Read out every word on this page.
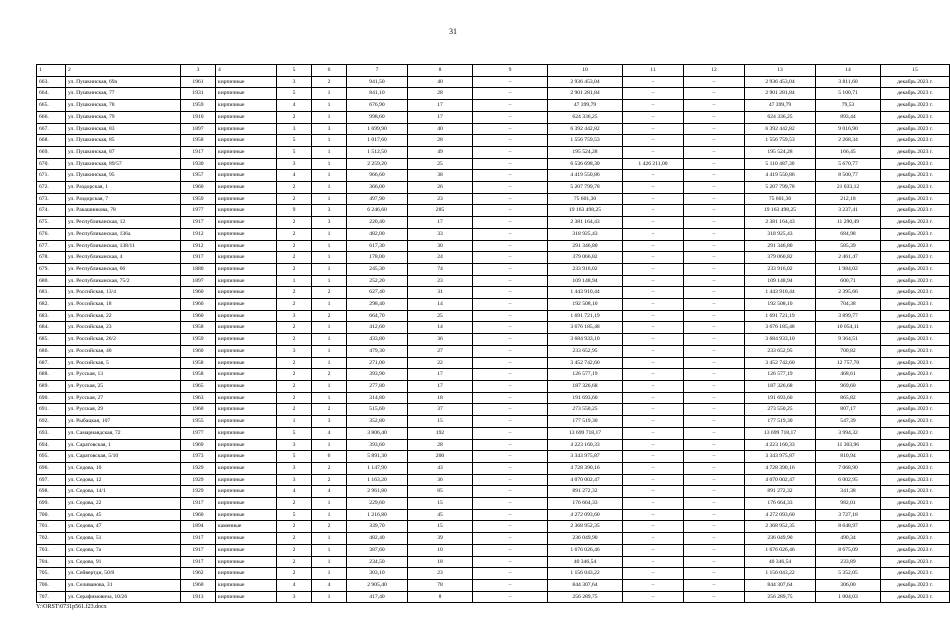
31
1	2	3	4	5	6	7	8	9	10	11	12	13	14	15
663.	ул. Пушкинская, 69а	1961	кирпичные	3	2	941,50	40	–	2 936 453,04	–	–	2 936 453,04	3 811,60	декабрь 2023 г.
664.	ул. Пушкинская, 77	1931	кирпичные	5	1	841,10	28	–	2 901 281,84	–	–	2 901 281,84	5 100,71	декабрь 2023 г.
665.	ул. Пушкинская, 78	1959	кирпичные	4	1	676,90	17	–	47 399,79	–	–	47 399,79	79,53	декабрь 2023 г.
666.	ул. Пушкинская, 79	1910	кирпичные	2	1	998,60	17	–	624 336,25	–	–	624 336,25	893,44	декабрь 2023 г.
667.	ул. Пушкинская, 83	1897	кирпичные	3	3	1 699,90	40	–	6 392 442,82	–	–	6 392 442,82	9 016,90	декабрь 2023 г.
668.	ул. Пушкинская, 85	1958	кирпичные	5	1	1 017,60	28	–	1 556 759,53	–	–	1 556 759,53	2 268,34	декабрь 2023 г.
669.	ул. Пушкинская, 87	1917	кирпичные	5	1	1 512,50	49	–	195 524,28	–	–	195 524,28	166,45	декабрь 2023 г.
670.	ул. Пушкинская, 89/57	1930	кирпичные	3	1	2 259,20	25	–	6 536 698,30	1 426 211,00	–	5 110 487,30	5 670,77	декабрь 2023 г.
671.	ул. Пушкинская, 95	1957	кирпичные	4	1	966,60	38	–	4 419 550,86	–	–	4 419 550,86	8 500,77	декабрь 2023 г.
672.	ул. Раздорская, 1	1960	кирпичные	2	1	366,00	26	–	5 207 799,78	–	–	5 207 799,78	21 033,12	декабрь 2023 г.
673.	ул. Раздорская, 7	1959	кирпичные	2	1	497,90	23	–	75 601,30	–	–	75 601,30	212,18	декабрь 2023 г.
674.	ул. Ракашникова, 78	1977	кирпичные	9	3	6 246,60	285	–	19 163 498,25	–	–	19 163 498,25	3 237,41	декабрь 2023 г.
675.	ул. Республиканская, 12	1917	кирпичные	2	3	220,40	17	–	2 381 164,43	–	–	2 381 164,43	11 290,49	декабрь 2023 г.
676.	ул. Республиканская, 136а	1912	кирпичные	2	1	482,00	33	–	318 925,43	–	–	318 925,43	684,98	декабрь 2023 г.
677.	ул. Республиканская, 138/11	1912	кирпичные	2	1	617,30	30	–	291 346,80	–	–	291 346,80	585,39	декабрь 2023 г.
678.	ул. Республиканская, 4	1917	кирпичные	2	1	178,00	24	–	379 066,82	–	–	379 066,82	2 461,47	декабрь 2023 г.
679.	ул. Республиканская, 66	1880	кирпичные	2	1	245,30	74	–	233 916,02	–	–	233 916,02	1 984,02	декабрь 2023 г.
680.	ул. Республиканская, 75/2	1897	кирпичные	1	1	252,20	23	–	109 148,94	–	–	109 148,94	600,71	декабрь 2023 г.
681.	ул. Российская, 13/4	1960	кирпичные	2	2	627,40	31	–	1 443 910,44	–	–	1 443 910,44	2 395,66	декабрь 2023 г.
682.	ул. Российская, 18	1960	кирпичные	2	1	298,40	14	–	192 508,10	–	–	192 508,10	704,38	декабрь 2023 г.
683.	ул. Российская, 22	1960	кирпичные	3	2	664,70	25	–	1 691 721,19	–	–	1 691 721,19	3 899,77	декабрь 2023 г.
684.	ул. Российская, 23	1958	кирпичные	2	1	412,60	14	–	3 676 185,48	–	–	3 676 185,48	10 054,11	декабрь 2023 г.
685.	ул. Российская, 26/2	1959	кирпичные	2	1	433,80	36	–	3 684 933,10	–	–	3 684 933,10	9 364,51	декабрь 2023 г.
686.	ул. Российская, 40	1960	кирпичные	3	1	479,30	27	–	233 652,95	–	–	233 652,95	700,82	декабрь 2023 г.
687.	ул. Российская, 5	1958	кирпичные	2	1	271,00	22	–	3 452 742,60	–	–	3 452 742,60	12 757,70	декабрь 2023 г.
688.	ул. Русская, 13	1958	кирпичные	2	2	393,90	17	–	126 577,19	–	–	126 577,19	468,61	декабрь 2023 г.
689.	ул. Русская, 25	1965	кирпичные	2	1	277,80	17	–	187 326,68	–	–	187 326,68	969,60	декабрь 2023 г.
690.	ул. Русская, 27	1963	кирпичные	2	1	314,80	18	–	191 693,60	–	–	191 693,60	865,82	декабрь 2023 г.
691.	ул. Русская, 29	1960	кирпичные	2	2	515,60	37	–	273 550,25	–	–	273 550,25	807,17	декабрь 2023 г.
692.	ул. Рыбацкая, 107	1955	кирпичные	1	3	352,80	15	–	177 519,30	–	–	177 519,30	547,39	декабрь 2023 г.
693.	ул. Самарнаядская, 72	1977	кирпичные	5	4	3 806,40	192	–	13 699 718,17	–	–	13 699 718,17	3 994,32	декабрь 2023 г.
694.	ул. Саратовская, 1	1969	кирпичные	3	1	393,60	28	–	4 223 160,33	–	–	4 223 160,33	11 303,96	декабрь 2023 г.
695.	ул. Саратовская, 5/10	1973	кирпичные	5	6	5 891,30	200	–	3 343 975,87	–	–	3 343 975,87	810,94	декабрь 2023 г.
696.	ул. Седова, 10	1929	кирпичные	3	2	1 147,90	43	–	4 728 390,16	–	–	4 728 390,16	7 068,90	декабрь 2023 г.
697.	ул. Седова, 12	1929	кирпичные	3	2	1 163,20	36	–	4 070 002,47	–	–	4 070 002,47	6 002,95	декабрь 2023 г.
698.	ул. Седова, 14/1	1929	кирпичные	4	4	2 961,80	85	–	891 272,32	–	–	891 272,32	341,38	декабрь 2023 г.
699.	ул. Седова, 22	1917	кирпичные	2	1	229,60	15	–	176 664,33	–	–	176 664,33	982,01	декабрь 2023 г.
700.	ул. Седова, 45	1960	кирпичные	5	1	1 216,80	45	–	4 272 093,60	–	–	4 272 093,60	3 727,18	декабрь 2023 г.
701.	ул. Седова, 47	1894	каменные	2	2	339,70	15	–	2 368 952,35	–	–	2 368 952,35	8 648,97	декабрь 2023 г.
702.	ул. Седова, 51	1917	кирпичные	2	1	482,40	39	–	236 049,90	–	–	236 049,90	490,34	декабрь 2023 г.
703.	ул. Седова, 7а	1917	кирпичные	2	1	387,60	10	–	1 676 026,46	–	–	1 676 026,46	8 675,09	декабрь 2023 г.
704.	ул. Седова, 91	1917	кирпичные	2	1	234,50	18	–	40 346,54	–	–	40 346,54	233,89	декабрь 2023 г.
705.	ул. Сейвертдн, 50/8	1962	кирпичные	2	1	303,10	23	–	1 156 043,22	–	–	1 156 043,22	5 352,05	декабрь 2023 г.
706.	ул. Селиванова, 31	1960	кирпичные	4	4	2 905,40	78	–	844 307,64	–	–	844 307,64	306,00	декабрь 2023 г.
707.	ул. Серафимовича, 10/26	1913	кирпичные	3	1	417,40	8	–	256 289,75	–	–	256 289,75	1 004,03	декабрь 2023 г.
Y:\ORST\0731p561.f23.docx
